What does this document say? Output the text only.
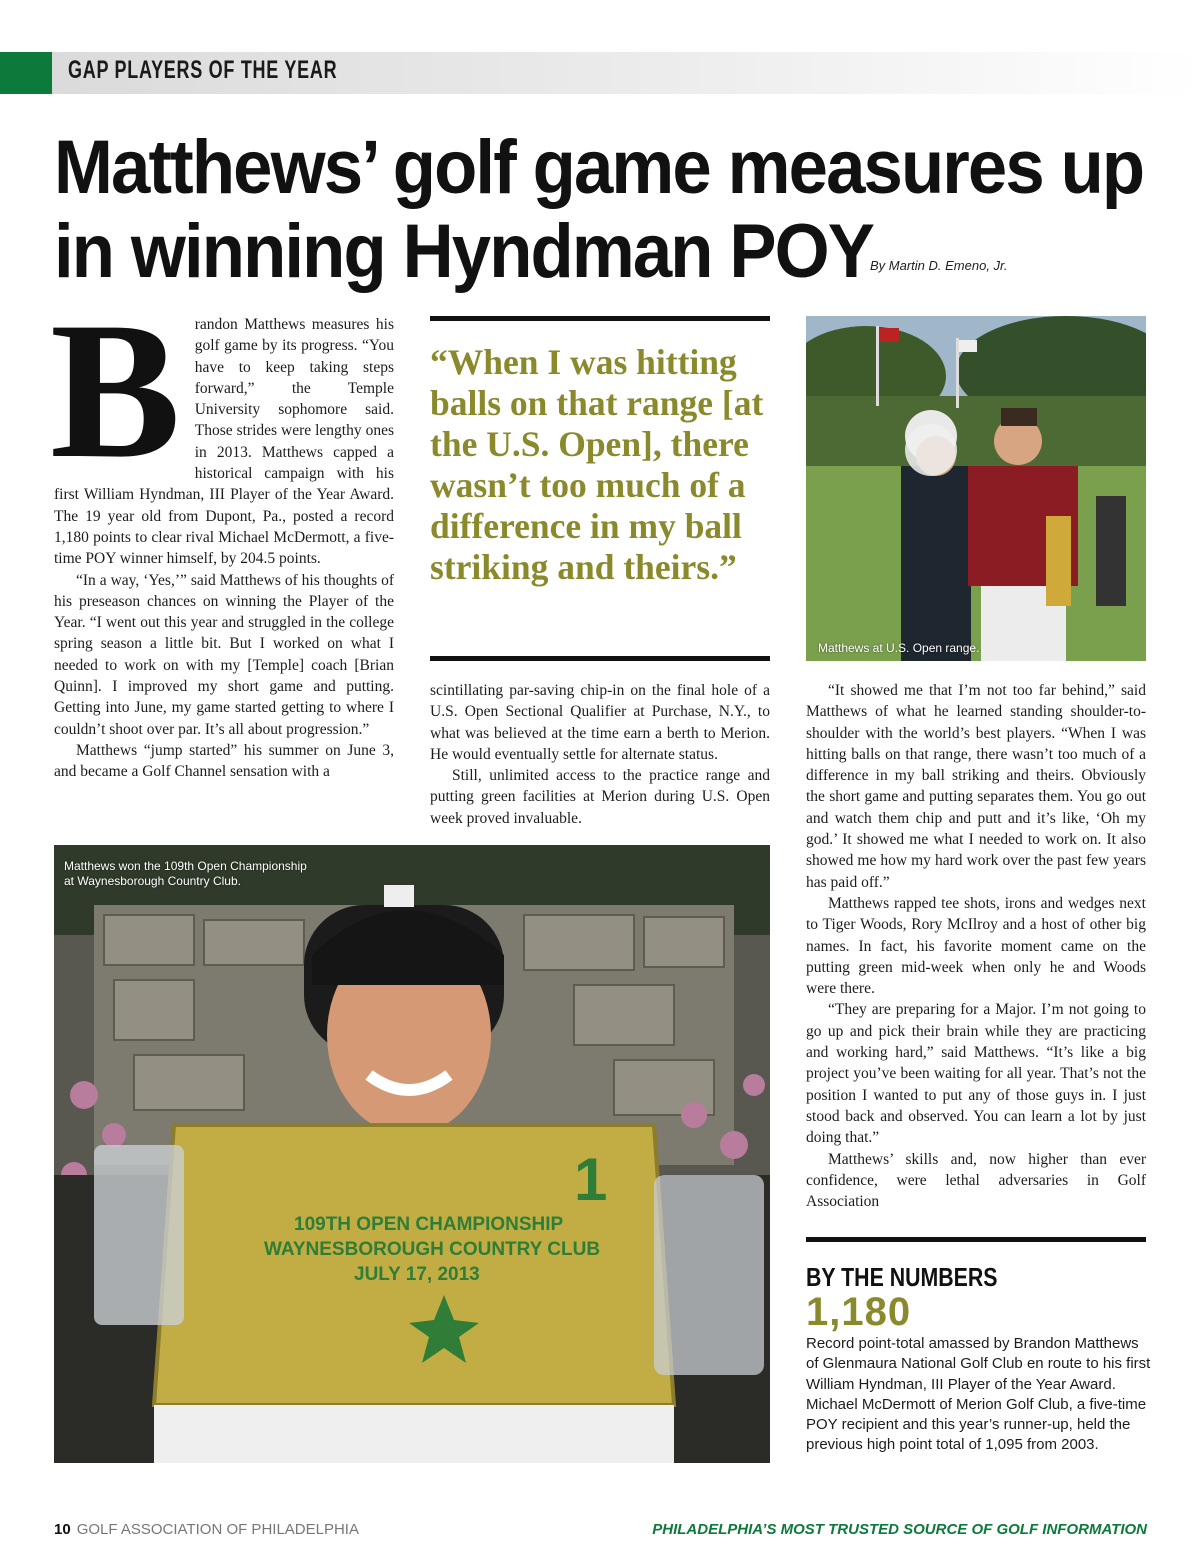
GAP PLAYERS OF THE YEAR
Matthews’ golf game measures up
in winning Hyndman POY
By Martin D. Emeno, Jr.
B randon Matthews measures his golf game by its progress. “You have to keep taking steps forward,” the Temple University sophomore said. Those strides were lengthy ones in 2013. Matthews capped a historical campaign with his first William Hyndman, III Player of the Year Award. The 19 year old from Dupont, Pa., posted a record 1,180 points to clear rival Michael McDermott, a five-time POY winner himself, by 204.5 points.

“In a way, ‘Yes,’” said Matthews of his thoughts of his preseason chances on winning the Player of the Year. “I went out this year and struggled in the college spring season a little bit. But I worked on what I needed to work on with my [Temple] coach [Brian Quinn]. I improved my short game and putting. Getting into June, my game started getting to where I couldn’t shoot over par. It’s all about progression.”

Matthews “jump started” his summer on June 3, and became a Golf Channel sensation with a

“When I was hitting balls on that range [at the U.S. Open], there wasn’t too much of a difference in my ball striking and theirs.”

scintillating par-saving chip-in on the final hole of a U.S. Open Sectional Qualifier at Purchase, N.Y., to what was believed at the time earn a berth to Merion. He would eventually settle for alternate status.

Still, unlimited access to the practice range and putting green facilities at Merion during U.S. Open week proved invaluable.

Matthews at U.S. Open range.

“It showed me that I’m not too far behind,” said Matthews of what he learned standing shoulder-to-shoulder with the world’s best players. “When I was hitting balls on that range, there wasn’t too much of a difference in my ball striking and theirs. Obviously the short game and putting separates them. You go out and watch them chip and putt and it’s like, ‘Oh my god.’ It showed me what I needed to work on. It also showed me how my hard work over the past few years has paid off.”

Matthews rapped tee shots, irons and wedges next to Tiger Woods, Rory McIlroy and a host of other big names. In fact, his favorite moment came on the putting green mid-week when only he and Woods were there.

“They are preparing for a Major. I’m not going to go up and pick their brain while they are practicing and working hard,” said Matthews. “It’s like a big project you’ve been waiting for all year. That’s not the position I wanted to put any of those guys in. I just stood back and observed. You can learn a lot by just doing that.”

Matthews’ skills and, now higher than ever confidence, were lethal adversaries in Golf Association

1
109TH OPEN CHAMPIONSHIP
WAYNESBOROUGH COUNTRY CLUB
JULY 17, 2013
Matthews won the 109th Open Championship
at Waynesborough Country Club.
BY THE NUMBERS
1,180
Record point-total amassed by Brandon Matthews of Glenmaura National Golf Club en route to his first William Hyndman, III Player of the Year Award. Michael McDermott of Merion Golf Club, a five-time POY recipient and this year’s runner-up, held the previous high point total of 1,095 from 2003.
10 GOLF ASSOCIATION OF PHILADELPHIA	PHILADELPHIA’S MOST TRUSTED SOURCE OF GOLF INFORMATION
